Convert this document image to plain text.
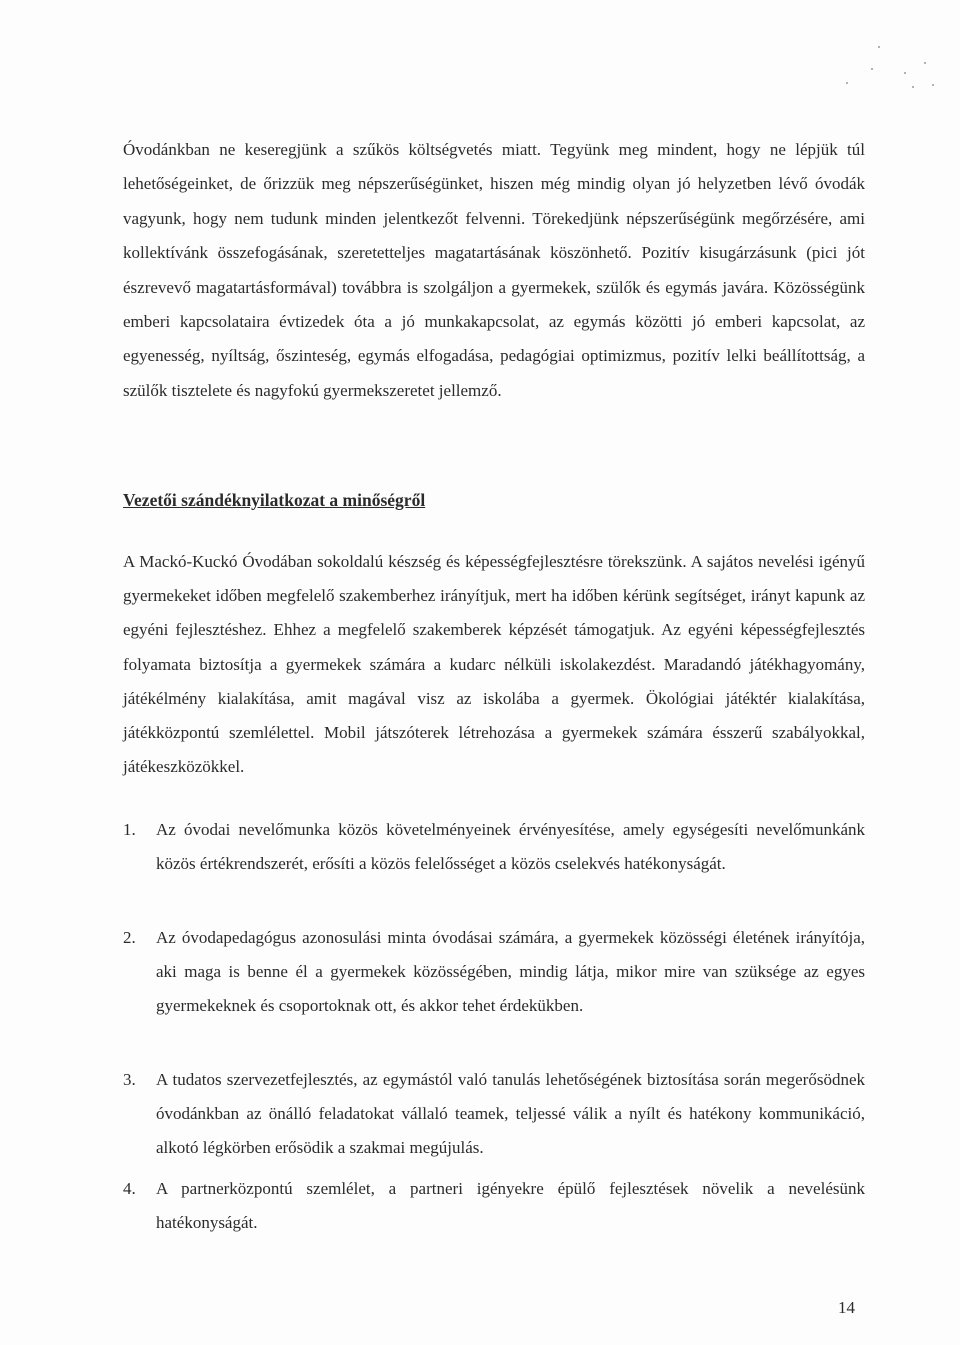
Óvodánkban ne keseregjünk a szűkös költségvetés miatt. Tegyünk meg mindent, hogy ne lépjük túl lehetőségeinket, de őrizzük meg népszerűségünket, hiszen még mindig olyan jó helyzetben lévő óvodák vagyunk, hogy nem tudunk minden jelentkezőt felvenni. Törekedjünk népszerűségünk megőrzésére, ami kollektívánk összefogásának, szeretetteljes magatartásának köszönhető. Pozitív kisugárzásunk (pici jót észrevevő magatartásformával) továbbra is szolgáljon a gyermekek, szülők és egymás javára. Közösségünk emberi kapcsolataira évtizedek óta a jó munkakapcsolat, az egymás közötti jó emberi kapcsolat, az egyenesség, nyíltság, őszinteség, egymás elfogadása, pedagógiai optimizmus, pozitív lelki beállítottság, a szülők tisztelete és nagyfokú gyermekszeretet jellemző.

Vezetői szándéknyilatkozat a minőségről

A Mackó-Kuckó Óvodában sokoldalú készség és képességfejlesztésre törekszünk. A sajátos nevelési igényű gyermekeket időben megfelelő szakemberhez irányítjuk, mert ha időben kérünk segítséget, irányt kapunk az egyéni fejlesztéshez. Ehhez a megfelelő szakemberek képzését támogatjuk. Az egyéni képességfejlesztés folyamata biztosítja a gyermekek számára a kudarc nélküli iskolakezdést. Maradandó játékhagyomány, játékélmény kialakítása, amit magával visz az iskolába a gyermek. Ökológiai játéktér kialakítása, játékközpontú szemlélettel. Mobil játszóterek létrehozása a gyermekek számára ésszerű szabályokkal, játékeszközökkel.

1.	Az óvodai nevelőmunka közös követelményeinek érvényesítése, amely egységesíti nevelőmunkánk közös értékrendszerét, erősíti a közös felelősséget a közös cselekvés hatékonyságát.
2.	Az óvodapedagógus azonosulási minta óvodásai számára, a gyermekek közösségi életének irányítója, aki maga is benne él a gyermekek közösségében, mindig látja, mikor mire van szüksége az egyes gyermekeknek és csoportoknak ott, és akkor tehet érdekükben.
3.	A tudatos szervezetfejlesztés, az egymástól való tanulás lehetőségének biztosítása során megerősödnek óvodánkban az önálló feladatokat vállaló teamek, teljessé válik a nyílt és hatékony kommunikáció, alkotó légkörben erősödik a szakmai megújulás.
4.	A partnerközpontú szemlélet, a partneri igényekre épülő fejlesztések növelik a nevelésünk hatékonyságát.

14
